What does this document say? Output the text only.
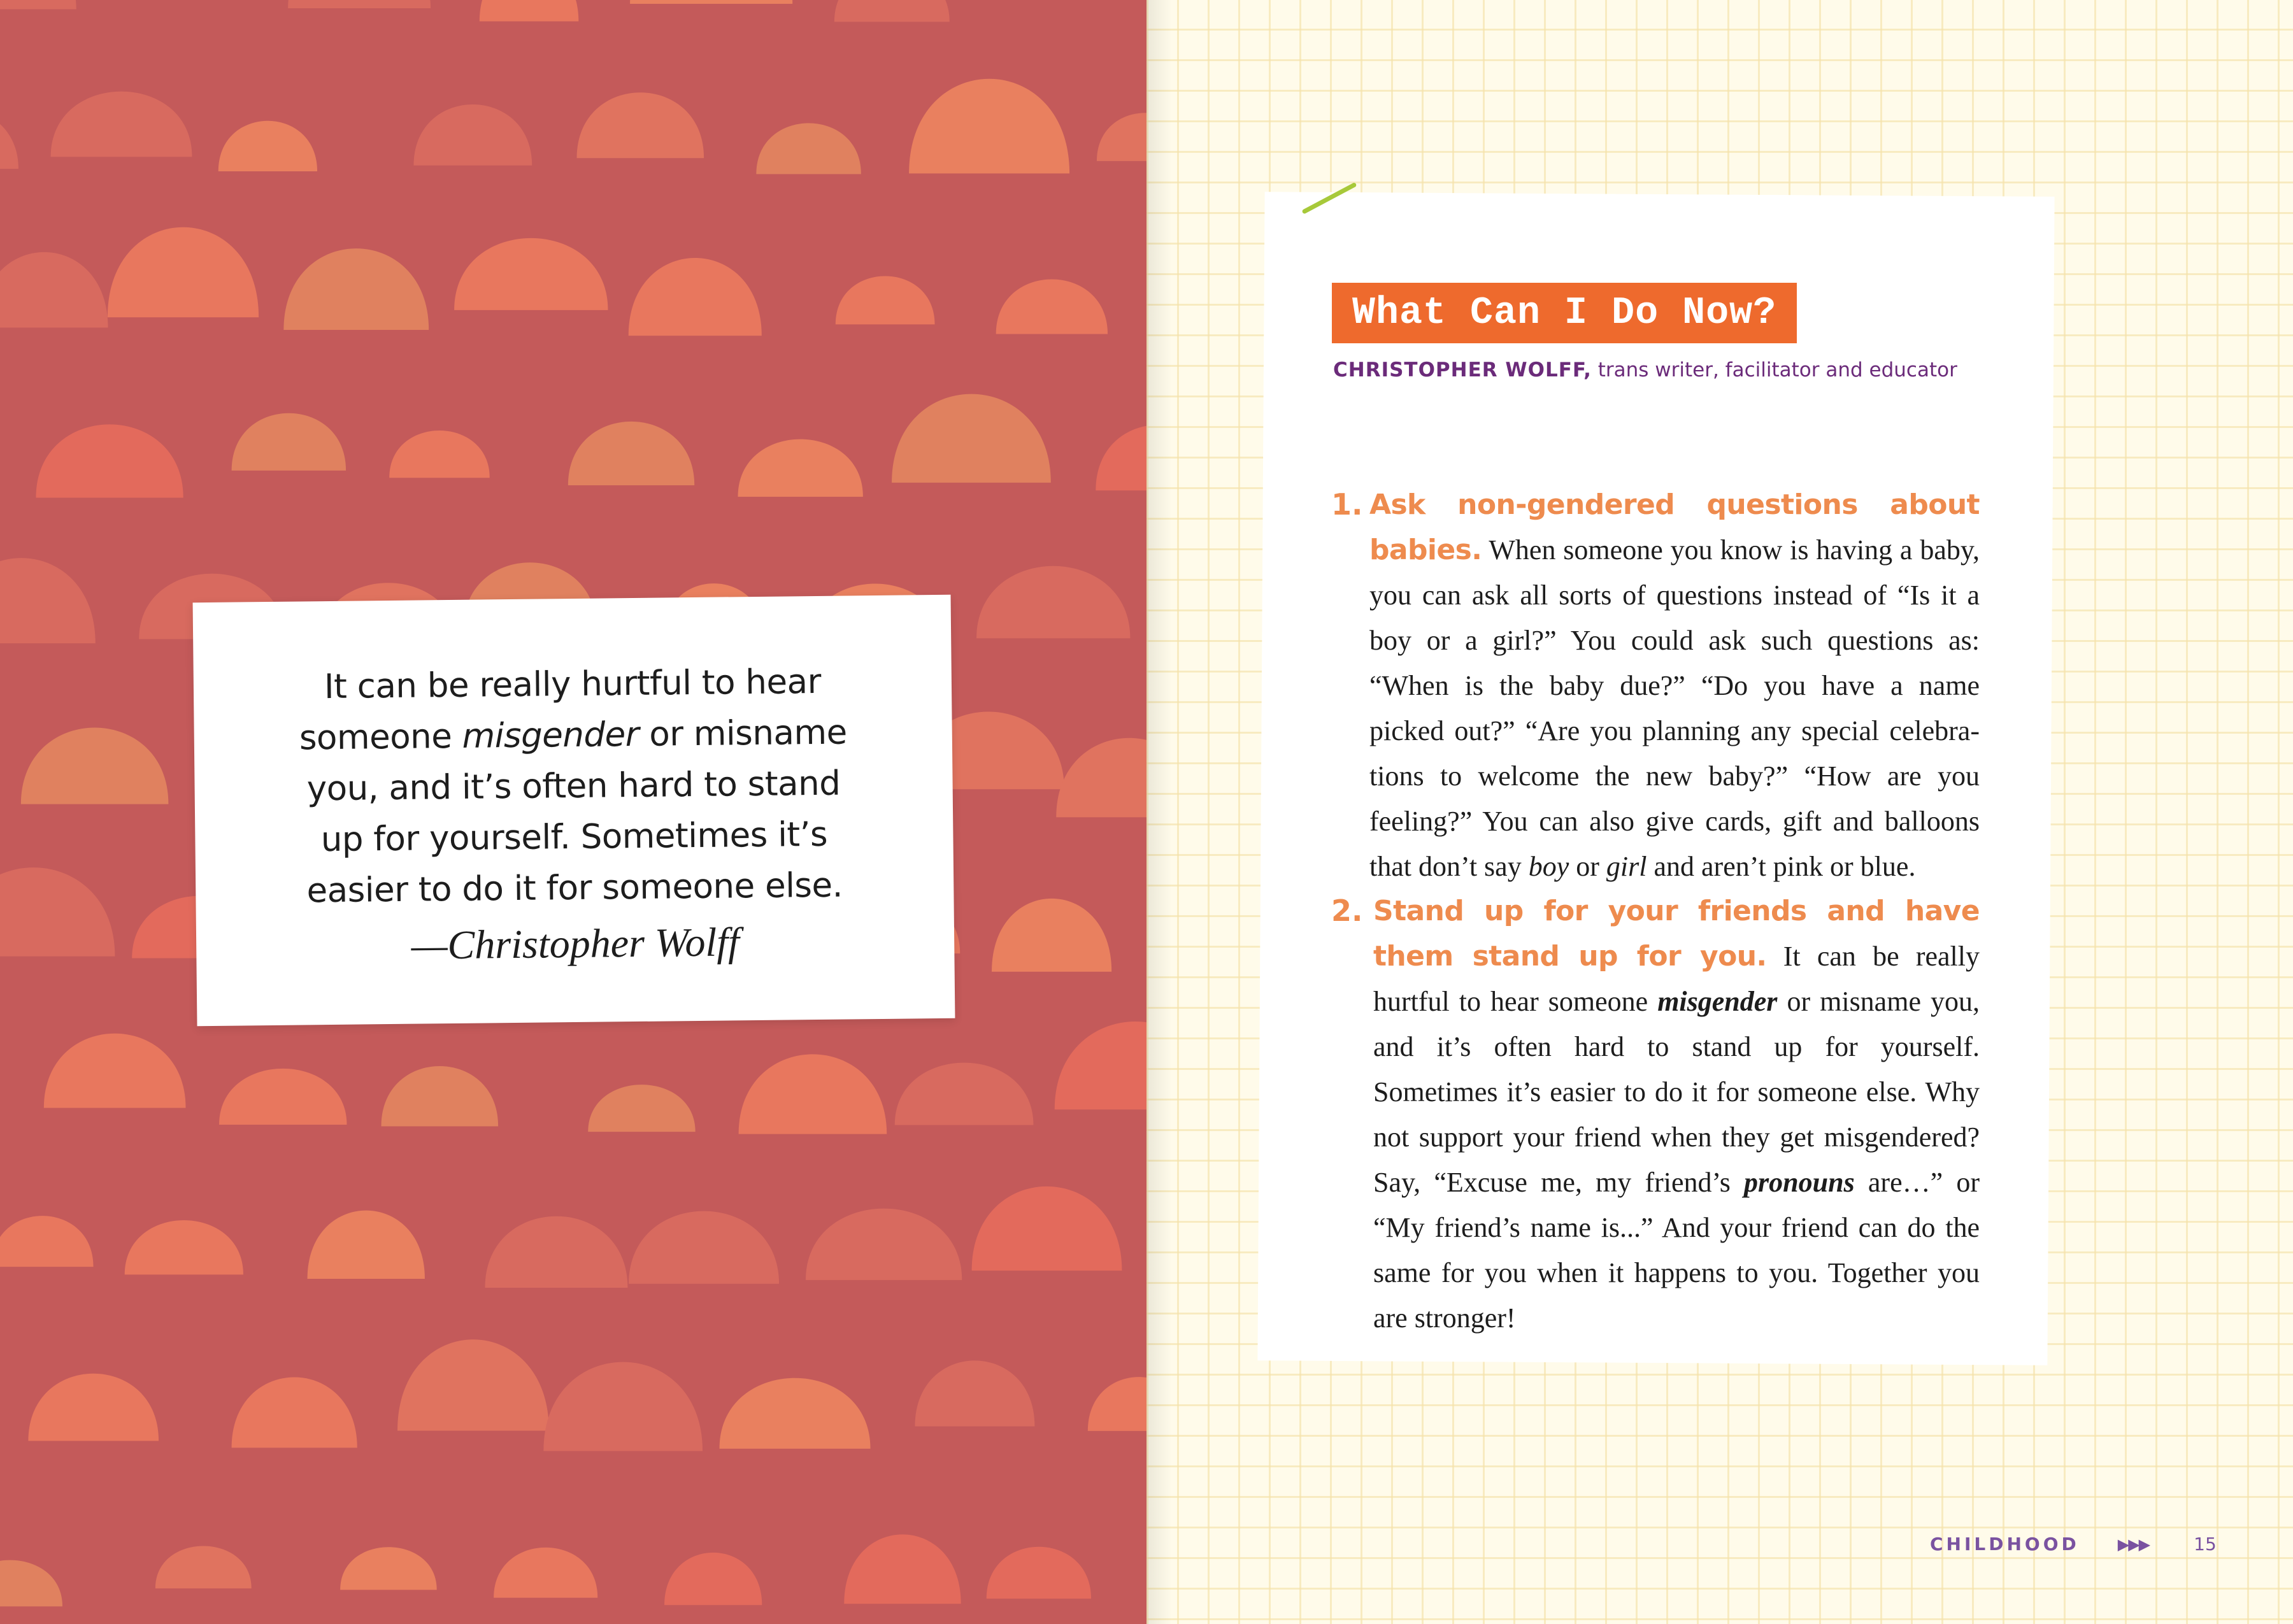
It can be really hurtful to hear
someone misgender or misname
you, and it’s often hard to stand
up for yourself. Sometimes it’s
easier to do it for someone else.
—Christopher Wolff
What Can I Do Now?
CHRISTOPHER WOLFF, trans writer, facilitator and educator
1. Ask non-gendered questions about babies. When someone you know is having a baby, you can ask all sorts of questions instead of “Is it a boy or a girl?” You could ask such questions as: “When is the baby due?” “Do you have a name picked out?” “Are you planning any special celebrations to welcome the new baby?” “How are you feeling?” You can also give cards, gift and balloons that don’t say boy or girl and aren’t pink or blue.
2. Stand up for your friends and have them stand up for you. It can be really hurtful to hear someone misgender or misname you, and it’s often hard to stand up for yourself. Sometimes it’s easier to do it for someone else. Why not support your friend when they get misgendered? Say, “Excuse me, my friend’s pronouns are…” or “My friend’s name is...” And your friend can do the same for you when it happens to you. Together you are stronger!
CHILDHOOD	▶▶▶	15
